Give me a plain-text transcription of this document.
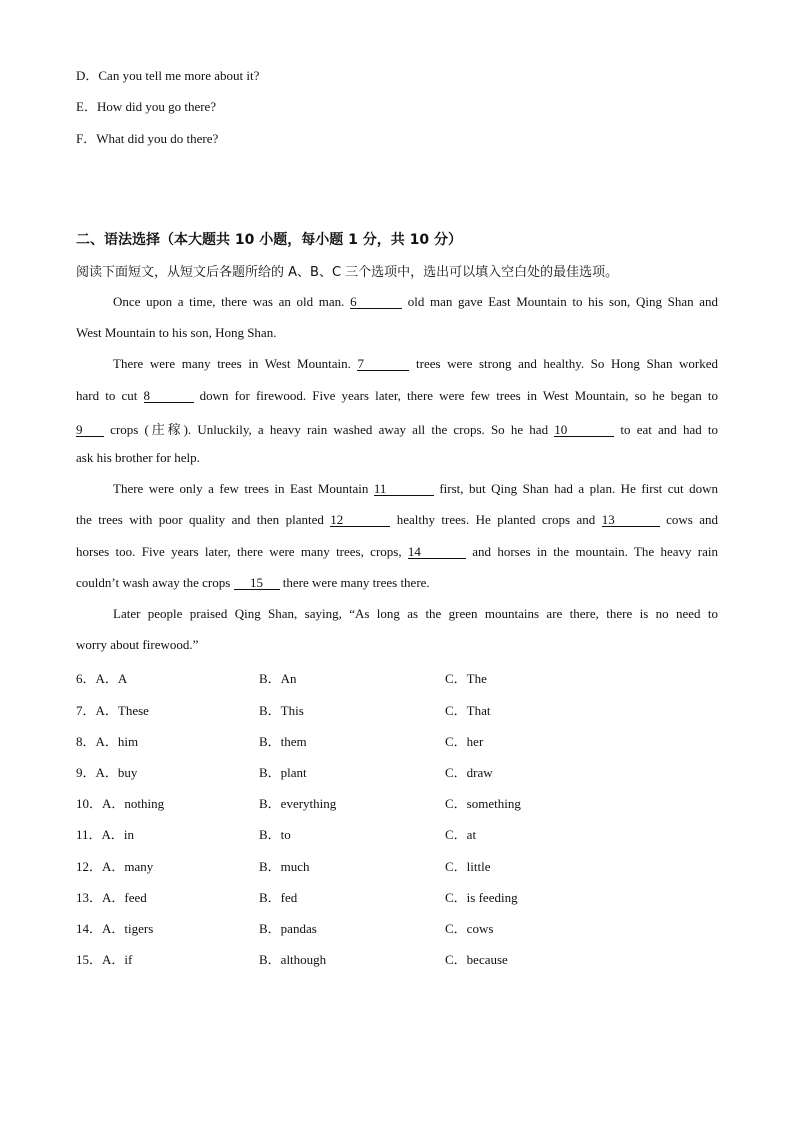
D．Can you tell me more about it?
E．How did you go there?
F．What did you do there?
二、语法选择（本大题共 10 小题，每小题 1 分，共 10 分）
阅读下面短文，从短文后各题所给的 A、B、C 三个选项中，选出可以填入空白处的最佳选项。
Once upon a time, there was an old man. 6	old man gave East Mountain to his son, Qing Shan and
West Mountain to his son, Hong Shan.
There were many trees in West Mountain. 7	trees were strong and healthy. So Hong Shan worked
hard to cut 8	down for firewood. Five years later, there were few trees in West Mountain, so he began to
9 crops (庄稼). Unluckily, a heavy rain washed away all the crops. So he had 10	to eat and had to
ask his brother for help.
There were only a few trees in East Mountain 11	first, but Qing Shan had a plan. He first cut down
the trees with poor quality and then planted 12	healthy trees. He planted crops and 13	cows and
horses too. Five years later, there were many trees, crops, 14	and horses in the mountain. The heavy rain
couldn’t wash away the crops 15 there were many trees there.
Later people praised Qing Shan, saying, “As long as the green mountains are there, there is no need to
worry about firewood.”
6．A．A	B．An	C．The
7．A．These	B．This	C．That
8．A．him	B．them	C．her
9．A．buy	B．plant	C．draw
10．A．nothing	B．everything	C．something
11．A．in	B．to	C．at
12．A．many	B．much	C．little
13．A．feed	B．fed	C．is feeding
14．A．tigers	B．pandas	C．cows
15．A．if	B．although	C．because
